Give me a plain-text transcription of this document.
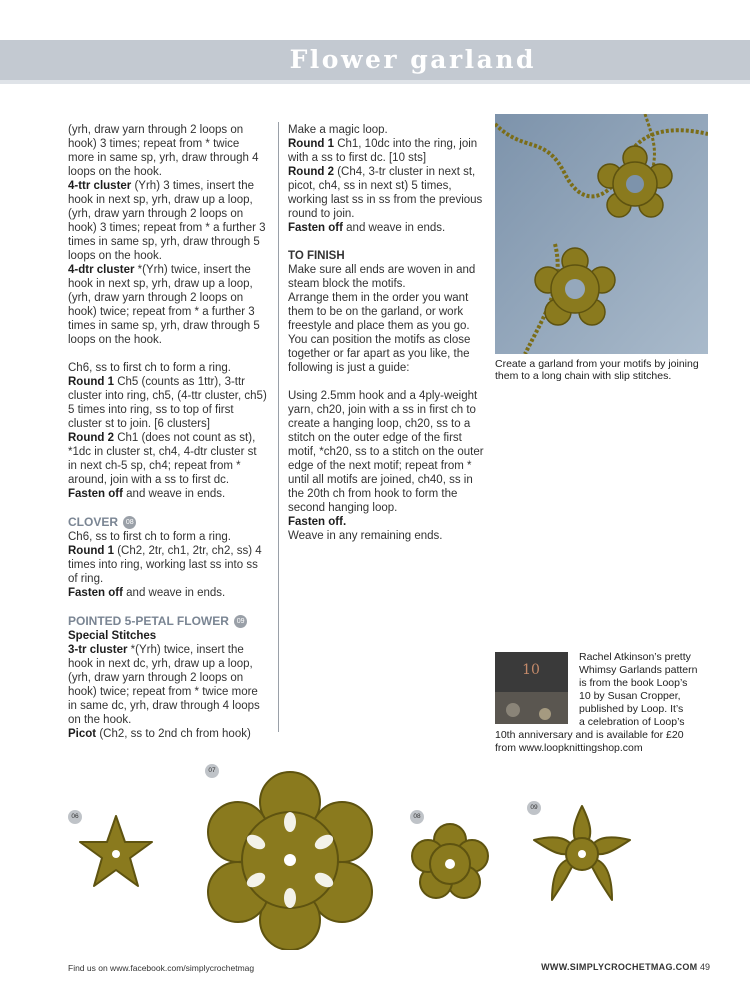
Flower garland

(yrh, draw yarn through 2 loops on hook) 3 times; repeat from * twice more in same sp, yrh, draw through 4 loops on the hook.

4-ttr cluster (Yrh) 3 times, insert the hook in next sp, yrh, draw up a loop, (yrh, draw yarn through 2 loops on hook) 3 times; repeat from * a further 3 times in same sp, yrh, draw through 5 loops on the hook.

4-dtr cluster *(Yrh) twice, insert the hook in next sp, yrh, draw up a loop, (yrh, draw yarn through 2 loops on hook) twice; repeat from * a further 3 times in same sp, yrh, draw through 5 loops on the hook.

Ch6, ss to first ch to form a ring.

Round 1 Ch5 (counts as 1ttr), 3-ttr cluster into ring, ch5, (4-ttr cluster, ch5) 5 times into ring, ss to top of first cluster st to join. [6 clusters]

Round 2 Ch1 (does not count as st), *1dc in cluster st, ch4, 4-dtr cluster st in next ch-5 sp, ch4; repeat from * around, join with a ss to first dc.

Fasten off and weave in ends.

CLOVER 08

Ch6, ss to first ch to form a ring.

Round 1 (Ch2, 2tr, ch1, 2tr, ch2, ss) 4 times into ring, working last ss into ss of ring.

Fasten off and weave in ends.

POINTED 5-PETAL FLOWER 09

Special Stitches

3-tr cluster *(Yrh) twice, insert the hook in next dc, yrh, draw up a loop, (yrh, draw yarn through 2 loops on hook) twice; repeat from * twice more in same dc, yrh, draw through 4 loops on the hook.

Picot (Ch2, ss to 2nd ch from hook)

Make a magic loop.

Round 1 Ch1, 10dc into the ring, join with a ss to first dc. [10 sts]

Round 2 (Ch4, 3-tr cluster in next st, picot, ch4, ss in next st) 5 times, working last ss in ss from the previous round to join.

Fasten off and weave in ends.

TO FINISH

Make sure all ends are woven in and steam block the motifs.

Arrange them in the order you want them to be on the garland, or work freestyle and place them as you go. You can position the motifs as close together or far apart as you like, the following is just a guide:

Using 2.5mm hook and a 4ply-weight yarn, ch20, join with a ss in first ch to create a hanging loop, ch20, ss to a stitch on the outer edge of the first motif, *ch20, ss to a stitch on the outer edge of the next motif; repeat from * until all motifs are joined, ch40, ss in the 20th ch from hook to form the second hanging loop.

Fasten off.

Weave in any remaining ends.

Create a garland from your motifs by joining them to a long chain with slip stitches.
10
Rachel Atkinson’s pretty
Whimsy Garlands pattern
is from the book Loop’s
10 by Susan Cropper,
published by Loop. It’s
a celebration of Loop’s
10th anniversary and is available for £20
from www.loopknittingshop.com
06
07
08
09
Find us on www.facebook.com/simplycrochetmag	WWW.SIMPLYCROCHETMAG.COM 49
